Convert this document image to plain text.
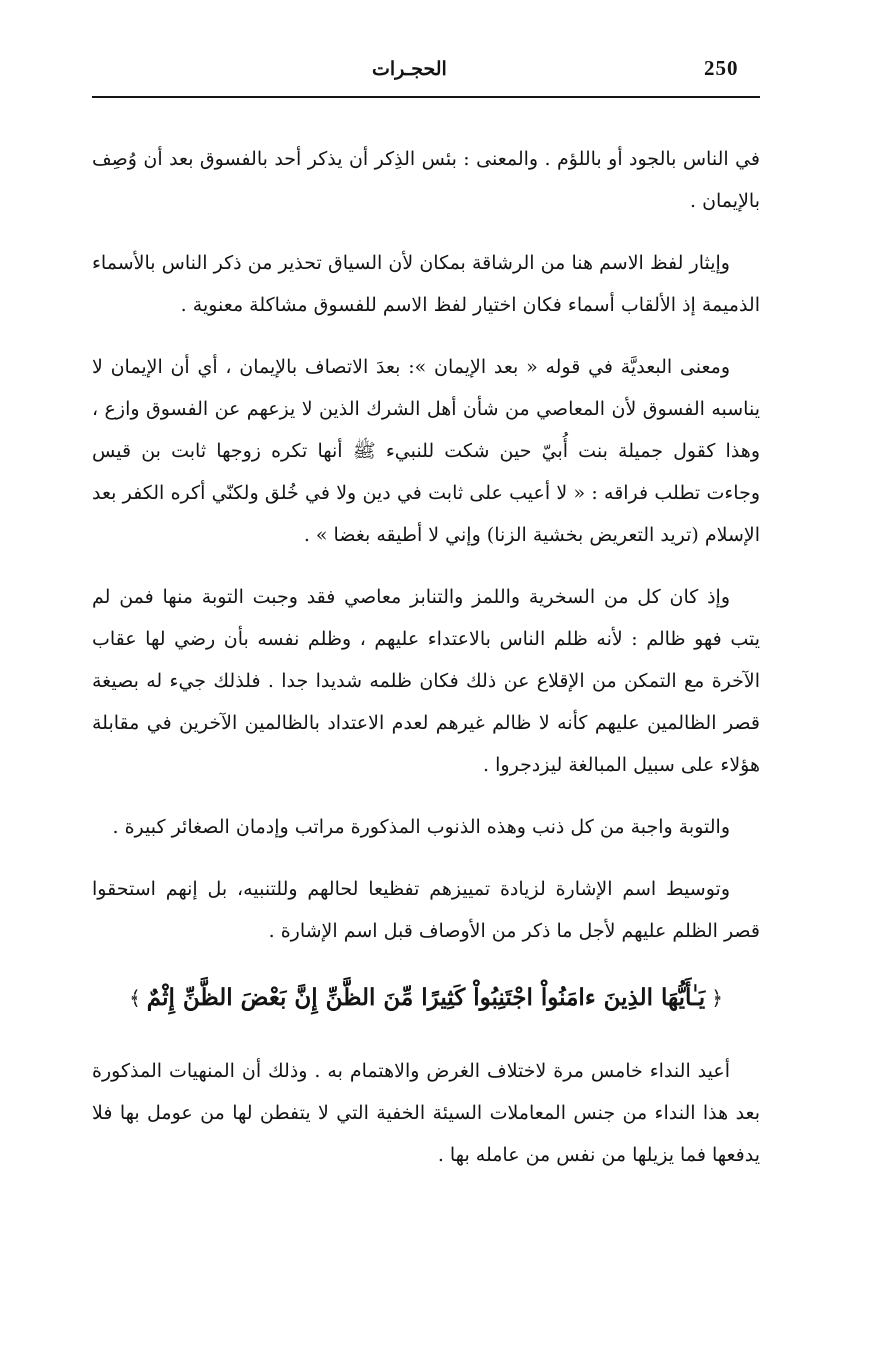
250
الحجـرات

في الناس بالجود أو باللؤم . والمعنى : بئس الذِكر أن يذكر أحد بالفسوق بعد أن وُصِف بالإيمان .

وإيثار لفظ الاسم هنا من الرشاقة بمكان لأن السياق تحذير من ذكر الناس بالأسماء الذميمة إذ الألقاب أسماء فكان اختيار لفظ الاسم للفسوق مشاكلة معنوية .

ومعنى البعديَّة في قوله « بعد الإيمان »: بعدَ الاتصاف بالإيمان ، أي أن الإيمان لا يناسبه الفسوق لأن المعاصي من شأن أهل الشرك الذين لا يزعهم عن الفسوق وازع ، وهذا كقول جميلة بنت أُبيّ حين شكت للنبيء ﷺ أنها تكره زوجها ثابت بن قيس وجاءت تطلب فراقه : « لا أعيب على ثابت في دين ولا في خُلق ولكنّي أكره الكفر بعد الإسلام (تريد التعريض بخشية الزنا) وإني لا أطيقه بغضا » .

وإذ كان كل من السخرية واللمز والتنابز معاصي فقد وجبت التوبة منها فمن لم يتب فهو ظالم : لأنه ظلم الناس بالاعتداء عليهم ، وظلم نفسه بأن رضي لها عقاب الآخرة مع التمكن من الإقلاع عن ذلك فكان ظلمه شديدا جدا . فلذلك جيء له بصيغة قصر الظالمين عليهم كأنه لا ظالم غيرهم لعدم الاعتداد بالظالمين الآخرين في مقابلة هؤلاء على سبيل المبالغة ليزدجروا .

والتوبة واجبة من كل ذنب وهذه الذنوب المذكورة مراتب وإدمان الصغائر كبيرة .

وتوسيط اسم الإشارة لزيادة تمييزهم تفظيعا لحالهم وللتنبيه، بل إنهم استحقوا قصر الظلم عليهم لأجل ما ذكر من الأوصاف قبل اسم الإشارة .

﴿يَـٰأَيُّهَا الذِينَ ءامَنُواْ اجْتَنِبُواْ كَثِيرًا مِّنَ الظَّنِّ إِنَّ بَعْضَ الظَّنِّ إِثْمٌ﴾

أعيد النداء خامس مرة لاختلاف الغرض والاهتمام به . وذلك أن المنهيات المذكورة بعد هذا النداء من جنس المعاملات السيئة الخفية التي لا يتفطن لها من عومل بها فلا يدفعها فما يزيلها من نفس من عامله بها .
